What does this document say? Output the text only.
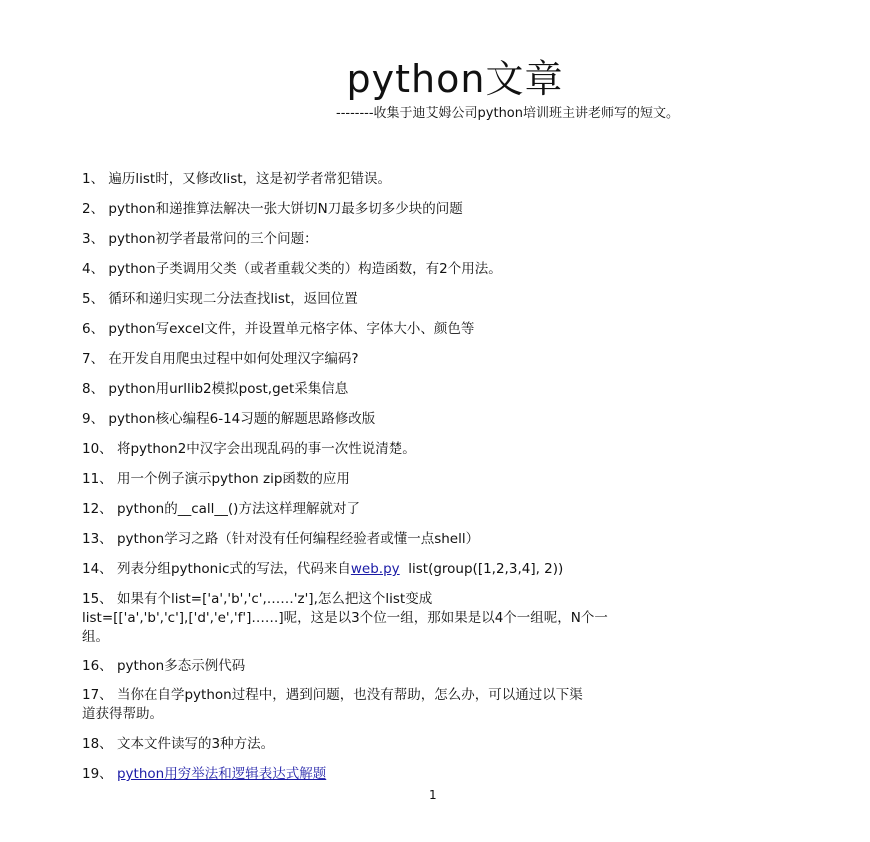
python文章
--------收集于迪艾姆公司python培训班主讲老师写的短文。

1、 遍历list时，又修改list，这是初学者常犯错误。

2、 python和递推算法解决一张大饼切N刀最多切多少块的问题

3、 python初学者最常问的三个问题：

4、 python子类调用父类（或者重载父类的）构造函数，有2个用法。

5、 循环和递归实现二分法查找list，返回位置

6、 python写excel文件，并设置单元格字体、字体大小、颜色等

7、 在开发自用爬虫过程中如何处理汉字编码?

8、 python用urllib2模拟post,get采集信息

9、 python核心编程6-14习题的解题思路修改版

10、 将python2中汉字会出现乱码的事一次性说清楚。

11、 用一个例子演示python zip函数的应用

12、 python的__call__()方法这样理解就对了

13、 python学习之路（针对没有任何编程经验者或懂一点shell）

14、 列表分组pythonic式的写法，代码来自web.py  list(group([1,2,3,4], 2))

15、 如果有个list=['a','b','c',……'z'],怎么把这个list变成
list=[['a','b','c'],['d','e','f']……]呢，这是以3个位一组，那如果是以4个一组呢，N个一
组。

16、 python多态示例代码

17、 当你在自学python过程中，遇到问题，也没有帮助，怎么办，可以通过以下渠
道获得帮助。

18、 文本文件读写的3种方法。

19、 python用穷举法和逻辑表达式解题

1
